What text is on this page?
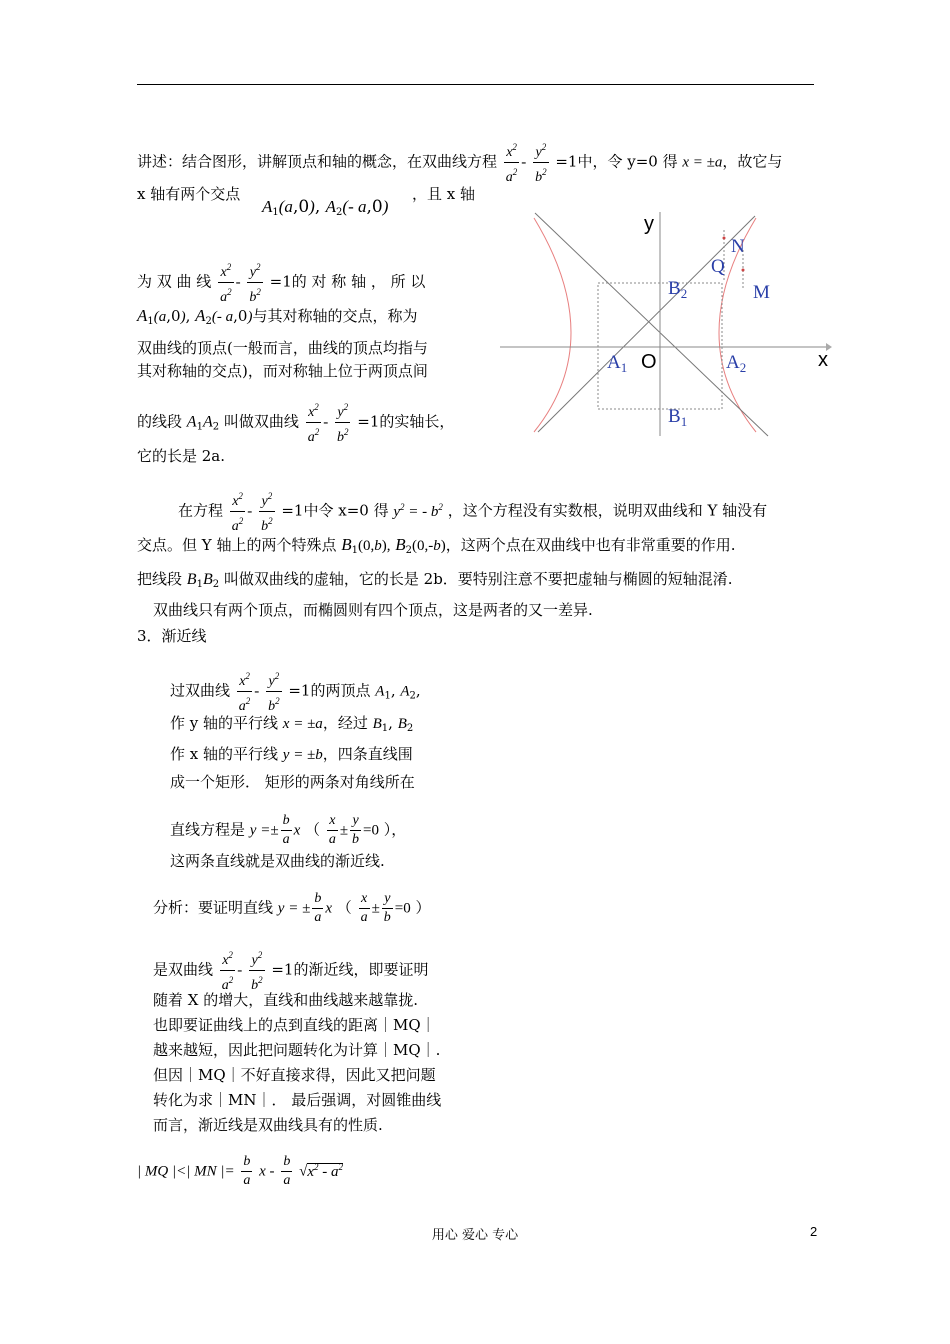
讲述：结合图形，讲解顶点和轴的概念，在双曲线方程 $\frac{x^2}{a^2} - \frac{y^2}{b^2} =1$中，令 y=0 得 x = ±a，故它与
x 轴有两个交点
$A_1(a,0)$, $A_2(-$ a,0)
，且 x 轴
为 双 曲 线 $\frac{x^2}{a^2} - \frac{y^2}{b^2} =1$的 对 称 轴 ， 所 以
$A_1(a,0)$, $A_2(-$ a,0)与其对称轴的交点，称为
双曲线的顶点(一般而言，曲线的顶点均指与
其对称轴的交点)，而对称轴上位于两顶点间
的线段 $A_1A_2$ 叫做双曲线 $\frac{x^2}{a^2} - \frac{y^2}{b^2} =1$的实轴长，
它的长是 2a.
y
x
O
$A_1$	$A_2$
$B_1$
$B_2$
Q
N
M
在方程 $\frac{x^2}{a^2} - \frac{y^2}{b^2} =1$中令 x=0 得 $y^2$ = - $b^2$ ，这个方程没有实数根，说明双曲线和 Y 轴没有
交点。但 Y 轴上的两个特殊点 $B_1(0,b)$, $B_2(0,-b)$，这两个点在双曲线中也有非常重要的作用.
把线段 $B_1B_2$ 叫做双曲线的虚轴，它的长是 2b．要特别注意不要把虚轴与椭圆的短轴混淆.
双曲线只有两个顶点，而椭圆则有四个顶点，这是两者的又一差异.
3．渐近线
过双曲线 $\frac{x^2}{a^2} - \frac{y^2}{b^2} =1$的两顶点 $A_1$, $A_2$,
作 y 轴的平行线 x = ±a，经过 $B_1$, $B_2$
作 x 轴的平行线 y = ±b，四条直线围
成一个矩形． 矩形的两条对角线所在
直线方程是 $y =\pm \frac{b}{a}$ x （ $\frac{x}{a} \pm \frac{y}{b} =0$ ），
这两条直线就是双曲线的渐近线.
分析：要证明直线 y = ± $\frac{b}{a}$ x （ $\frac{x}{a} \pm \frac{y}{b} =0$ ）
是双曲线 $\frac{x^2}{a^2} - \frac{y^2}{b^2} =1$的渐近线，即要证明
随着 X 的增大，直线和曲线越来越靠拢.
也即要证曲线上的点到直线的距离｜MQ｜
越来越短，因此把问题转化为计算｜MQ｜.
但因｜MQ｜不好直接求得，因此又把问题
转化为求｜MN｜． 最后强调，对圆锥曲线
而言，渐近线是双曲线具有的性质.
| MQ |<| MN |= $\frac{b}{a}$ x - $\frac{b}{a} √x^2 - a^2$
用心 爱心 专心	2
